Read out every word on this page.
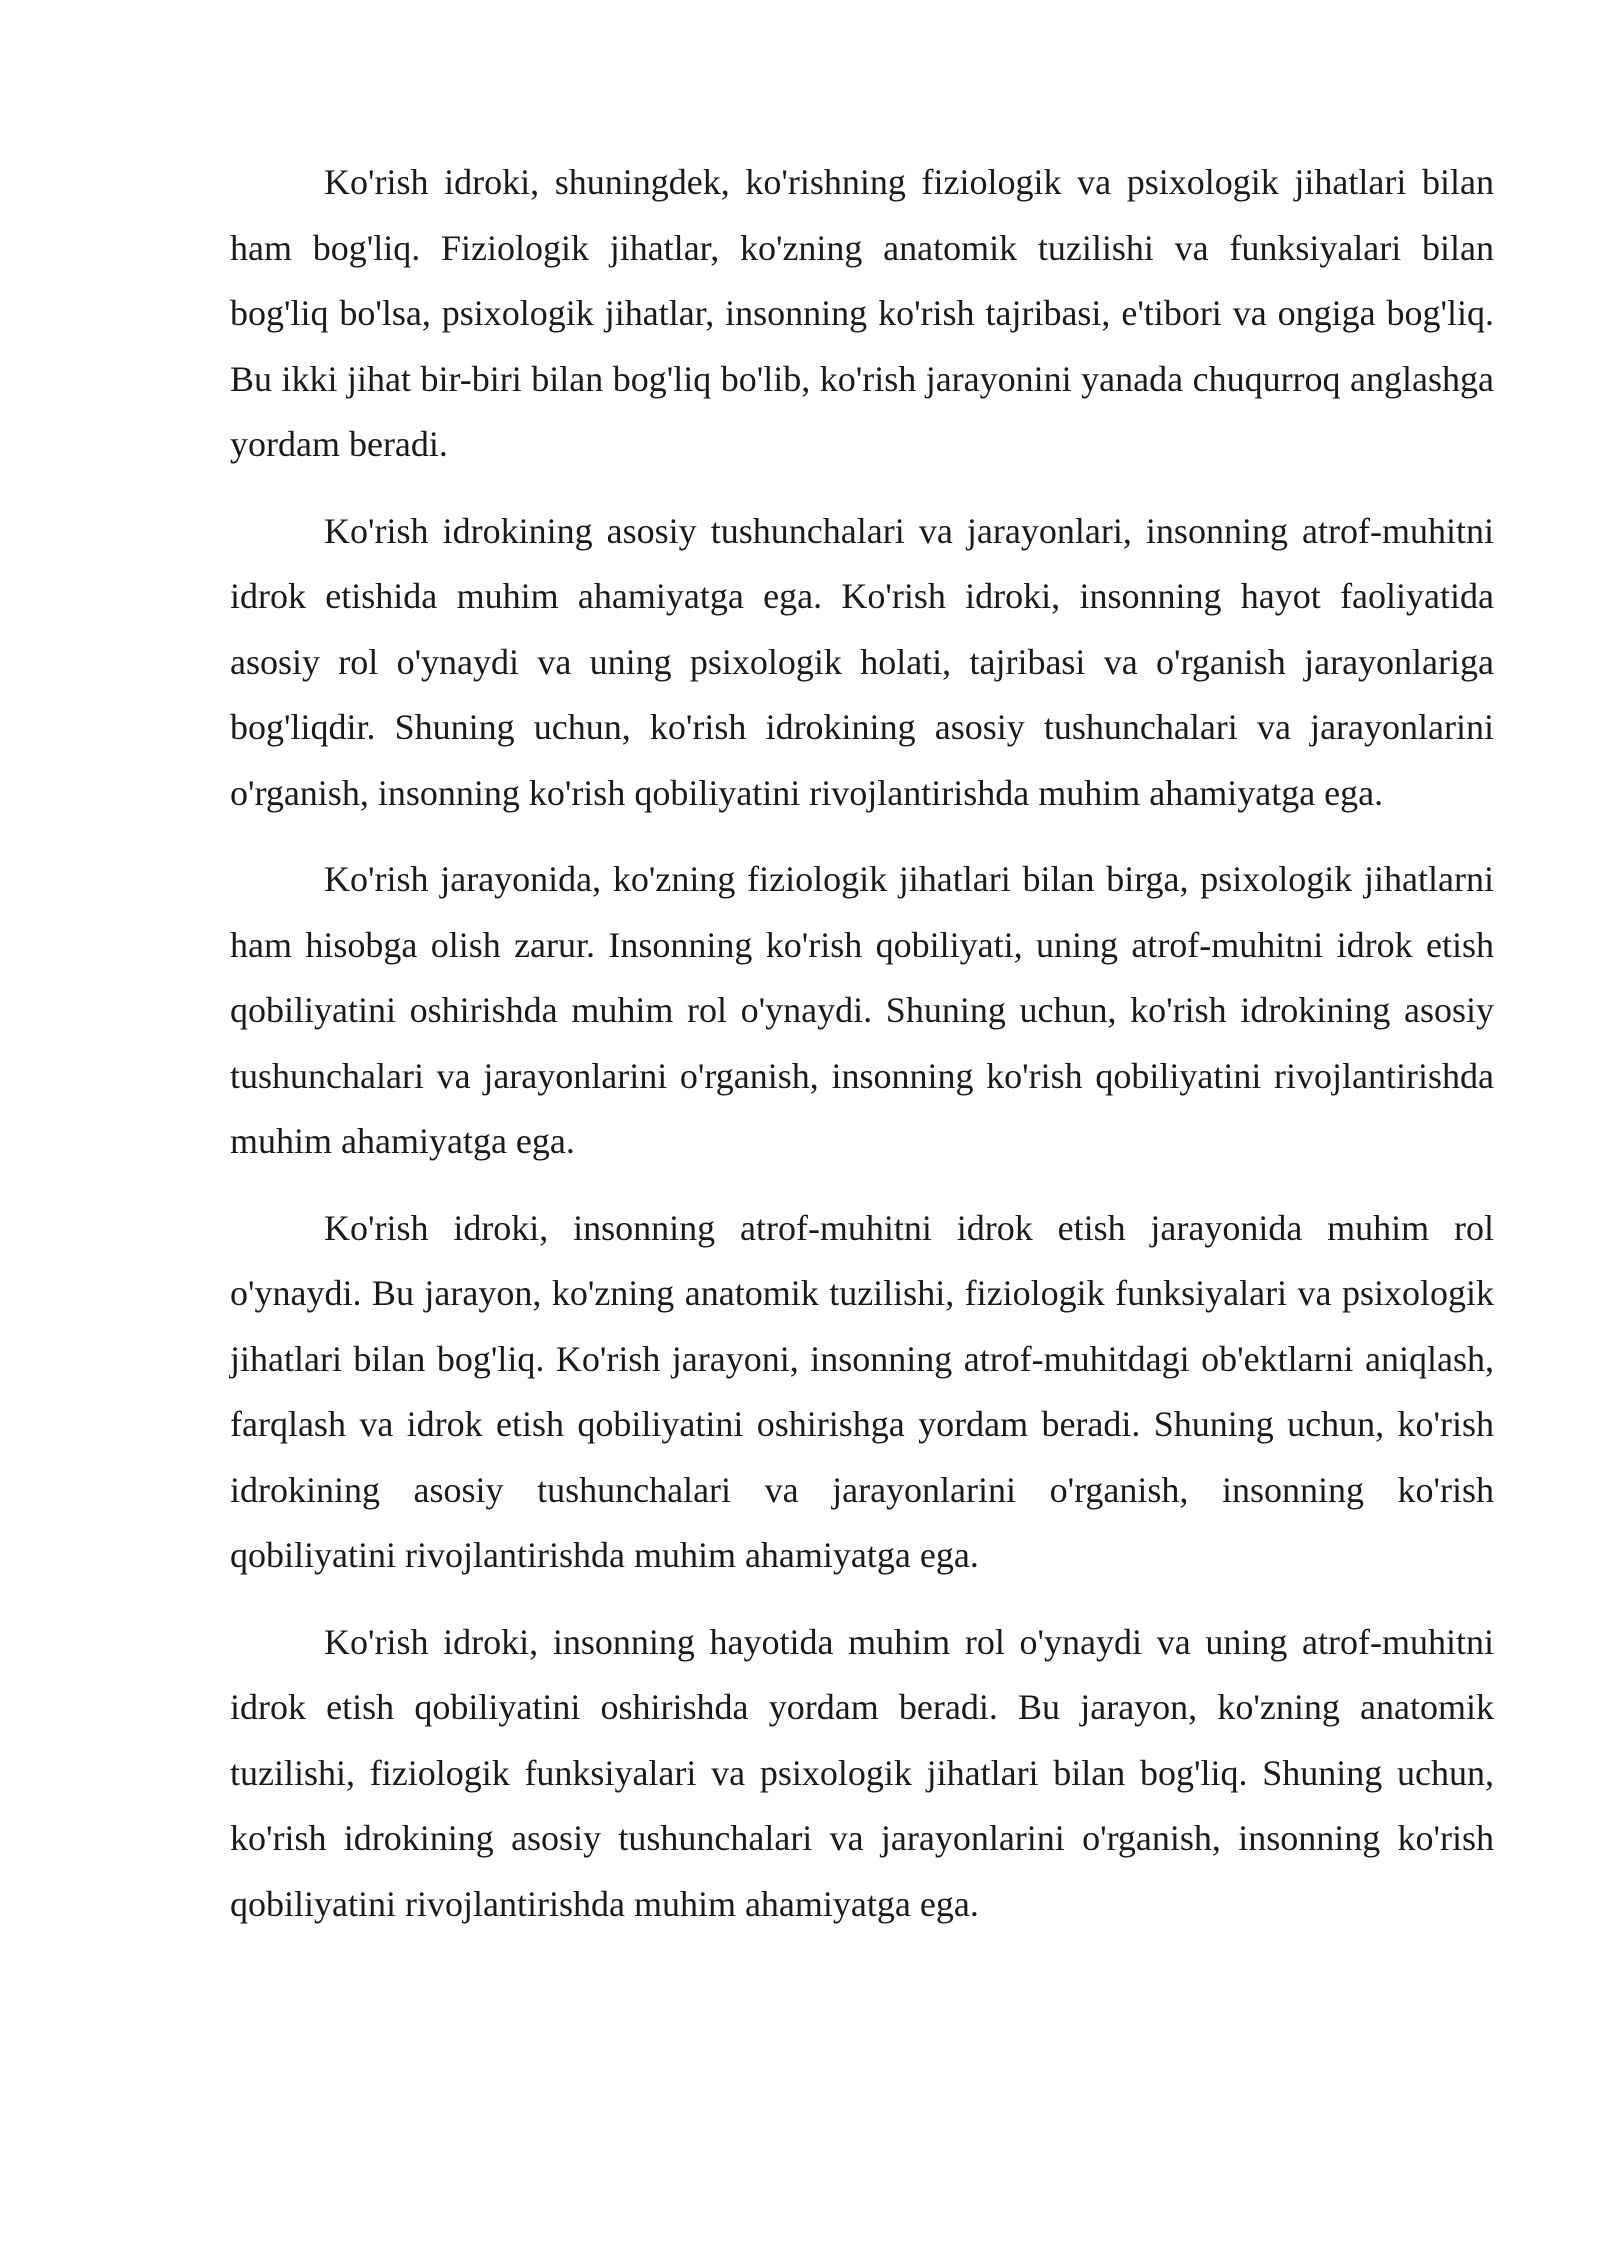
Ko'rish idroki, shuningdek, ko'rishning fiziologik va psixologik jihatlari bilan ham bog'liq. Fiziologik jihatlar, ko'zning anatomik tuzilishi va funksiyalari bilan bog'liq bo'lsa, psixologik jihatlar, insonning ko'rish tajribasi, e'tibori va ongiga bog'liq. Bu ikki jihat bir-biri bilan bog'liq bo'lib, ko'rish jarayonini yanada chuqurroq anglashga yordam beradi.

Ko'rish idrokining asosiy tushunchalari va jarayonlari, insonning atrof-muhitni idrok etishida muhim ahamiyatga ega. Ko'rish idroki, insonning hayot faoliyatida asosiy rol o'ynaydi va uning psixologik holati, tajribasi va o'rganish jarayonlariga bog'liqdir. Shuning uchun, ko'rish idrokining asosiy tushunchalari va jarayonlarini o'rganish, insonning ko'rish qobiliyatini rivojlantirishda muhim ahamiyatga ega.

Ko'rish jarayonida, ko'zning fiziologik jihatlari bilan birga, psixologik jihatlarni ham hisobga olish zarur. Insonning ko'rish qobiliyati, uning atrof-muhitni idrok etish qobiliyatini oshirishda muhim rol o'ynaydi. Shuning uchun, ko'rish idrokining asosiy tushunchalari va jarayonlarini o'rganish, insonning ko'rish qobiliyatini rivojlantirishda muhim ahamiyatga ega.

Ko'rish idroki, insonning atrof-muhitni idrok etish jarayonida muhim rol o'ynaydi. Bu jarayon, ko'zning anatomik tuzilishi, fiziologik funksiyalari va psixologik jihatlari bilan bog'liq. Ko'rish jarayoni, insonning atrof-muhitdagi ob'ektlarni aniqlash, farqlash va idrok etish qobiliyatini oshirishga yordam beradi. Shuning uchun, ko'rish idrokining asosiy tushunchalari va jarayonlarini o'rganish, insonning ko'rish qobiliyatini rivojlantirishda muhim ahamiyatga ega.

Ko'rish idroki, insonning hayotida muhim rol o'ynaydi va uning atrof-muhitni idrok etish qobiliyatini oshirishda yordam beradi. Bu jarayon, ko'zning anatomik tuzilishi, fiziologik funksiyalari va psixologik jihatlari bilan bog'liq. Shuning uchun, ko'rish idrokining asosiy tushunchalari va jarayonlarini o'rganish, insonning ko'rish qobiliyatini rivojlantirishda muhim ahamiyatga ega.
